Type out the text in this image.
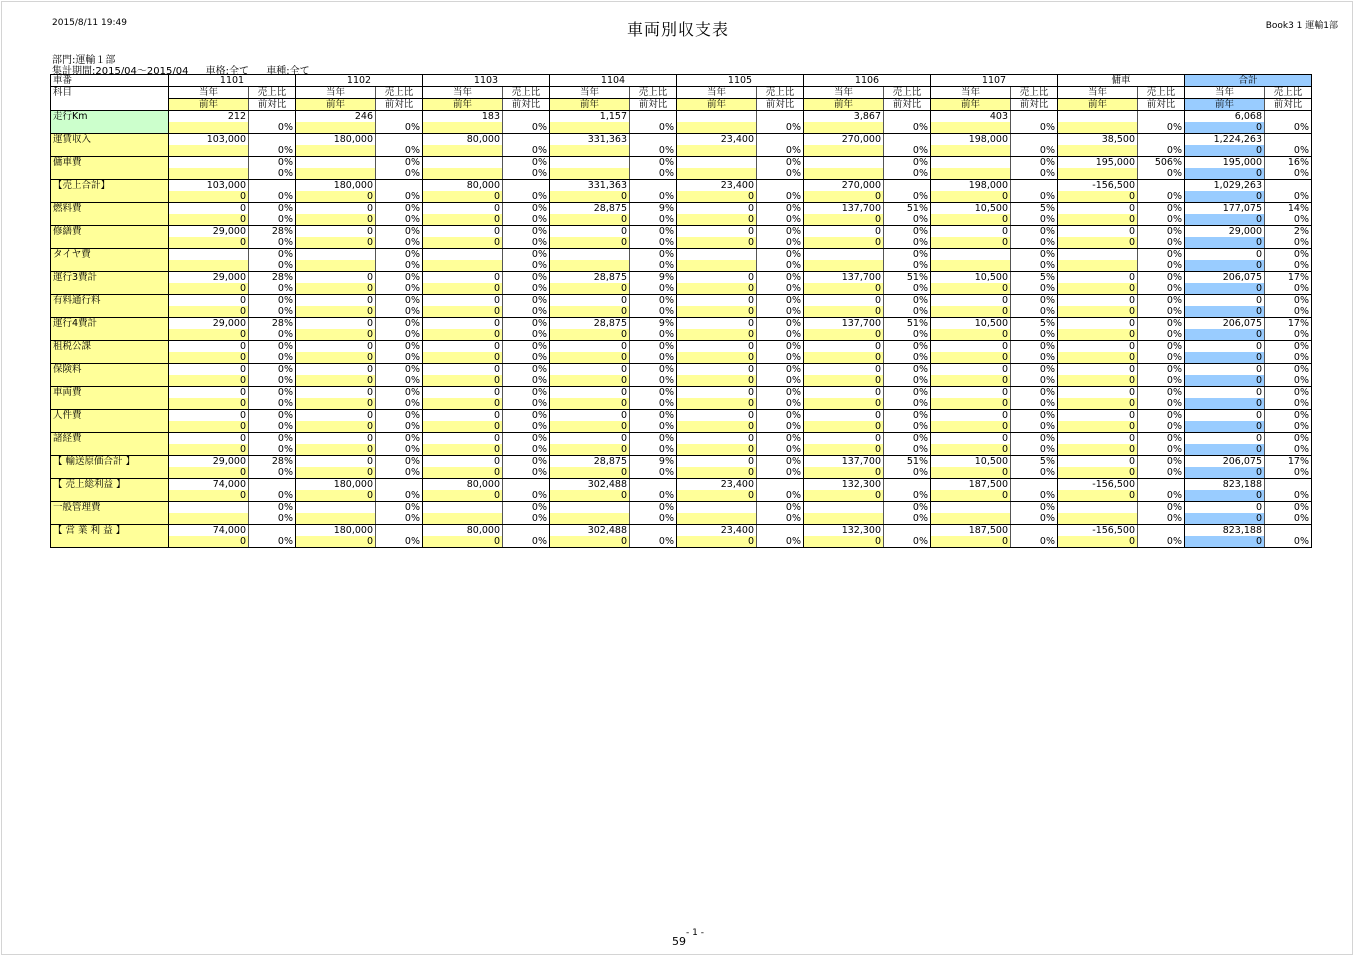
2015/8/11 19:49	車両別収支表	Book3 1 運輸1部
部門:運輸１部
集計期間:2015/04～2015/04 車格:全て 車種:全て
車番	1101		1102		1103		1104		1105		1106		1107		傭車		合計	
科目	当年	売上比	当年	売上比	当年	売上比	当年	売上比	当年	売上比	当年	売上比	当年	売上比	当年	売上比	当年	売上比
	前年	前対比	前年	前対比	前年	前対比	前年	前対比	前年	前対比	前年	前対比	前年	前対比	前年	前対比	前年	前対比
走行Km	212		246		183		1,157				3,867		403				6,068	
		0%		0%		0%		0%		0%		0%		0%		0%	0	0%
運賃収入	103,000		180,000		80,000		331,363		23,400		270,000		198,000		38,500		1,224,263	
		0%		0%		0%		0%		0%		0%		0%		0%	0	0%
傭車費		0%		0%		0%		0%		0%		0%		0%	195,000	506%	195,000	16%
		0%		0%		0%		0%		0%		0%		0%		0%	0	0%
【売上合計】	103,000		180,000		80,000		331,363		23,400		270,000		198,000		-156,500		1,029,263	
	0	0%	0	0%	0	0%	0	0%	0	0%	0	0%	0	0%	0	0%	0	0%
燃料費	0	0%	0	0%	0	0%	28,875	9%	0	0%	137,700	51%	10,500	5%	0	0%	177,075	14%
	0	0%	0	0%	0	0%	0	0%	0	0%	0	0%	0	0%	0	0%	0	0%
修繕費	29,000	28%	0	0%	0	0%	0	0%	0	0%	0	0%	0	0%	0	0%	29,000	2%
	0	0%	0	0%	0	0%	0	0%	0	0%	0	0%	0	0%	0	0%	0	0%
タイヤ費		0%		0%		0%		0%		0%		0%		0%		0%	0	0%
		0%		0%		0%		0%		0%		0%		0%		0%	0	0%
運行3費計	29,000	28%	0	0%	0	0%	28,875	9%	0	0%	137,700	51%	10,500	5%	0	0%	206,075	17%
	0	0%	0	0%	0	0%	0	0%	0	0%	0	0%	0	0%	0	0%	0	0%
有料通行料	0	0%	0	0%	0	0%	0	0%	0	0%	0	0%	0	0%	0	0%	0	0%
	0	0%	0	0%	0	0%	0	0%	0	0%	0	0%	0	0%	0	0%	0	0%
運行4費計	29,000	28%	0	0%	0	0%	28,875	9%	0	0%	137,700	51%	10,500	5%	0	0%	206,075	17%
	0	0%	0	0%	0	0%	0	0%	0	0%	0	0%	0	0%	0	0%	0	0%
租税公課	0	0%	0	0%	0	0%	0	0%	0	0%	0	0%	0	0%	0	0%	0	0%
	0	0%	0	0%	0	0%	0	0%	0	0%	0	0%	0	0%	0	0%	0	0%
保険料	0	0%	0	0%	0	0%	0	0%	0	0%	0	0%	0	0%	0	0%	0	0%
	0	0%	0	0%	0	0%	0	0%	0	0%	0	0%	0	0%	0	0%	0	0%
車両費	0	0%	0	0%	0	0%	0	0%	0	0%	0	0%	0	0%	0	0%	0	0%
	0	0%	0	0%	0	0%	0	0%	0	0%	0	0%	0	0%	0	0%	0	0%
人件費	0	0%	0	0%	0	0%	0	0%	0	0%	0	0%	0	0%	0	0%	0	0%
	0	0%	0	0%	0	0%	0	0%	0	0%	0	0%	0	0%	0	0%	0	0%
諸経費	0	0%	0	0%	0	0%	0	0%	0	0%	0	0%	0	0%	0	0%	0	0%
	0	0%	0	0%	0	0%	0	0%	0	0%	0	0%	0	0%	0	0%	0	0%
【 輸送原価合計 】	29,000	28%	0	0%	0	0%	28,875	9%	0	0%	137,700	51%	10,500	5%	0	0%	206,075	17%
	0	0%	0	0%	0	0%	0	0%	0	0%	0	0%	0	0%	0	0%	0	0%
【 売上総利益 】	74,000		180,000		80,000		302,488		23,400		132,300		187,500		-156,500		823,188	
	0	0%	0	0%	0	0%	0	0%	0	0%	0	0%	0	0%	0	0%	0	0%
一般管理費		0%		0%		0%		0%		0%		0%		0%		0%	0	0%
		0%		0%		0%		0%		0%		0%		0%		0%	0	0%
【 営 業 利 益 】	74,000		180,000		80,000		302,488		23,400		132,300		187,500		-156,500		823,188	
	0	0%	0	0%	0	0%	0	0%	0	0%	0	0%	0	0%	0	0%	0	0%
59
- 1 -
